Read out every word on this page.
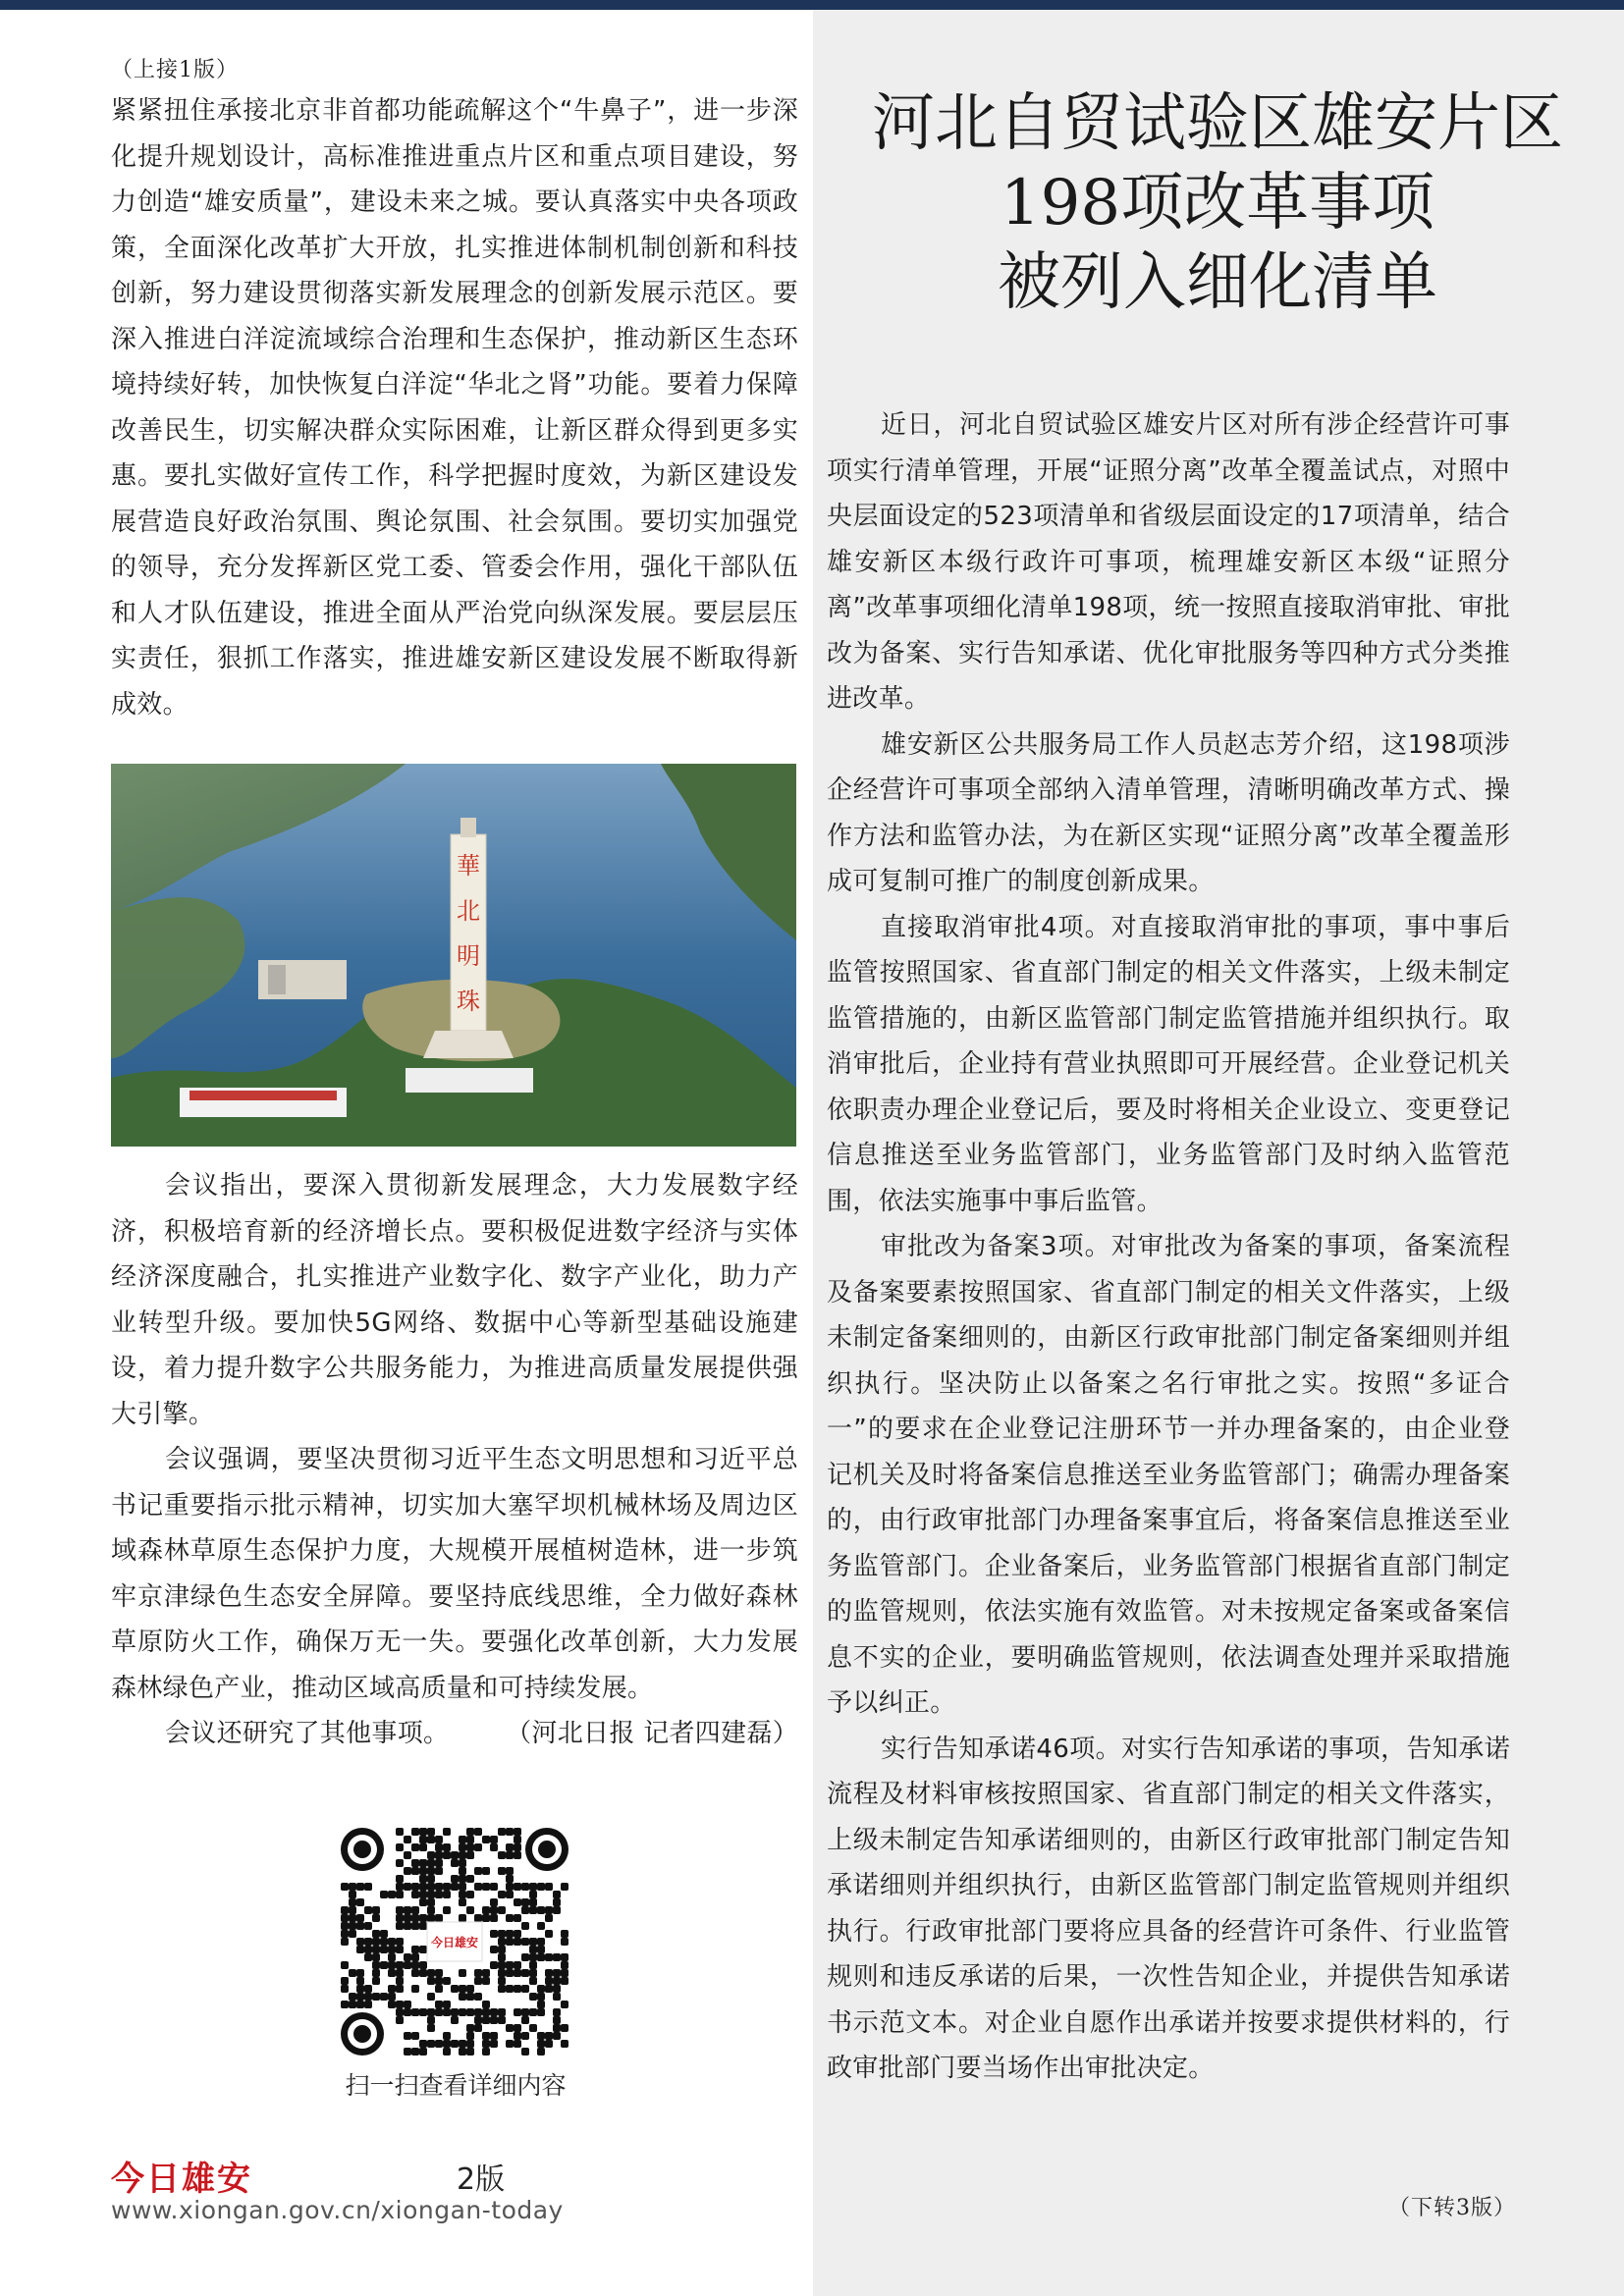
（上接1版）

紧紧扭住承接北京非首都功能疏解这个“牛鼻子”，进一步深化提升规划设计，高标准推进重点片区和重点项目建设，努力创造“雄安质量”，建设未来之城。要认真落实中央各项政策，全面深化改革扩大开放，扎实推进体制机制创新和科技创新，努力建设贯彻落实新发展理念的创新发展示范区。要深入推进白洋淀流域综合治理和生态保护，推动新区生态环境持续好转，加快恢复白洋淀“华北之肾”功能。要着力保障改善民生，切实解决群众实际困难，让新区群众得到更多实惠。要扎实做好宣传工作，科学把握时度效，为新区建设发展营造良好政治氛围、舆论氛围、社会氛围。要切实加强党的领导，充分发挥新区党工委、管委会作用，强化干部队伍和人才队伍建设，推进全面从严治党向纵深发展。要层层压实责任，狠抓工作落实，推进雄安新区建设发展不断取得新成效。

華
北
明
珠

会议指出，要深入贯彻新发展理念，大力发展数字经济，积极培育新的经济增长点。要积极促进数字经济与实体经济深度融合，扎实推进产业数字化、数字产业化，助力产业转型升级。要加快5G网络、数据中心等新型基础设施建设，着力提升数字公共服务能力，为推进高质量发展提供强大引擎。

会议强调，要坚决贯彻习近平生态文明思想和习近平总书记重要指示批示精神，切实加大塞罕坝机械林场及周边区域森林草原生态保护力度，大规模开展植树造林，进一步筑牢京津绿色生态安全屏障。要坚持底线思维，全力做好森林草原防火工作，确保万无一失。要强化改革创新，大力发展森林绿色产业，推动区域高质量和可持续发展。

会议还研究了其他事项。	（河北日报 记者四建磊）
今日雄安
扫一扫查看详细内容
今日雄安	2版
www.xiongan.gov.cn/xiongan-today
河北自贸试验区雄安片区
198项改革事项
被列入细化清单

近日，河北自贸试验区雄安片区对所有涉企经营许可事项实行清单管理，开展“证照分离”改革全覆盖试点，对照中央层面设定的523项清单和省级层面设定的17项清单，结合雄安新区本级行政许可事项，梳理雄安新区本级“证照分离”改革事项细化清单198项，统一按照直接取消审批、审批改为备案、实行告知承诺、优化审批服务等四种方式分类推进改革。

雄安新区公共服务局工作人员赵志芳介绍，这198项涉企经营许可事项全部纳入清单管理，清晰明确改革方式、操作方法和监管办法，为在新区实现“证照分离”改革全覆盖形成可复制可推广的制度创新成果。

直接取消审批4项。对直接取消审批的事项，事中事后监管按照国家、省直部门制定的相关文件落实，上级未制定监管措施的，由新区监管部门制定监管措施并组织执行。取消审批后，企业持有营业执照即可开展经营。企业登记机关依职责办理企业登记后，要及时将相关企业设立、变更登记信息推送至业务监管部门，业务监管部门及时纳入监管范围，依法实施事中事后监管。

审批改为备案3项。对审批改为备案的事项，备案流程及备案要素按照国家、省直部门制定的相关文件落实，上级未制定备案细则的，由新区行政审批部门制定备案细则并组织执行。坚决防止以备案之名行审批之实。按照“多证合一”的要求在企业登记注册环节一并办理备案的，由企业登记机关及时将备案信息推送至业务监管部门；确需办理备案的，由行政审批部门办理备案事宜后，将备案信息推送至业务监管部门。企业备案后，业务监管部门根据省直部门制定的监管规则，依法实施有效监管。对未按规定备案或备案信息不实的企业，要明确监管规则，依法调查处理并采取措施予以纠正。

实行告知承诺46项。对实行告知承诺的事项，告知承诺流程及材料审核按照国家、省直部门制定的相关文件落实，上级未制定告知承诺细则的，由新区行政审批部门制定告知承诺细则并组织执行，由新区监管部门制定监管规则并组织执行。行政审批部门要将应具备的经营许可条件、行业监管规则和违反承诺的后果，一次性告知企业，并提供告知承诺书示范文本。对企业自愿作出承诺并按要求提供材料的，行政审批部门要当场作出审批决定。

（下转3版）
